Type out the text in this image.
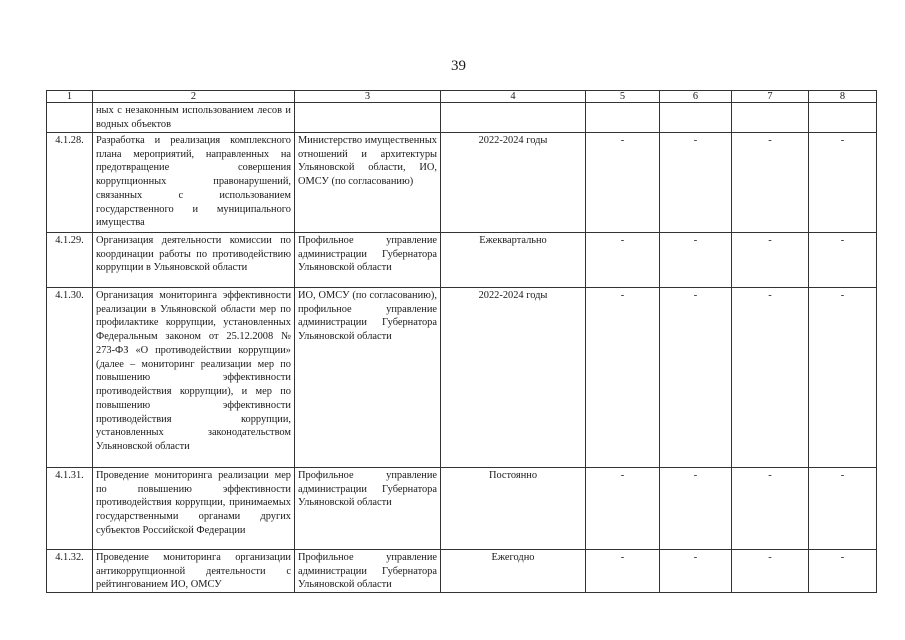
39
1	2	3	4	5	6	7	8
	ных с незаконным использованием лесов и водных объектов						
4.1.28.	Разработка и реализация комплексного плана мероприятий, направленных на предотвращение совершения коррупционных правонарушений, связанных с использованием государственного и муниципального имущества	Министерство имущественных отношений и архитектуры Ульяновской области, ИО, ОМСУ (по согласованию)	2022-2024 годы	-	-	-	-
4.1.29.	Организация деятельности комиссии по координации работы по противодействию коррупции в Ульяновской области	Профильное управление администрации Губернатора Ульяновской области	Ежеквартально	-	-	-	-
4.1.30.	Организация мониторинга эффективности реализации в Ульяновской области мер по профилактике коррупции, установленных Федеральным законом от 25.12.2008 № 273-ФЗ «О противодействии коррупции» (далее – мониторинг реализации мер по повышению эффективности противодействия коррупции), и мер по повышению эффективности противодействия коррупции, установленных законодательством Ульяновской области	ИО, ОМСУ (по согласованию), профильное управление администрации Губернатора Ульяновской области	2022-2024 годы	-	-	-	-
4.1.31.	Проведение мониторинга реализации мер по повышению эффективности противодействия коррупции, принимаемых государственными органами других субъектов Российской Федерации	Профильное управление администрации Губернатора Ульяновской области	Постоянно	-	-	-	-
4.1.32.	Проведение мониторинга организации антикоррупционной деятельности с рейтингованием ИО, ОМСУ	Профильное управление администрации Губернатора Ульяновской области	Ежегодно	-	-	-	-
